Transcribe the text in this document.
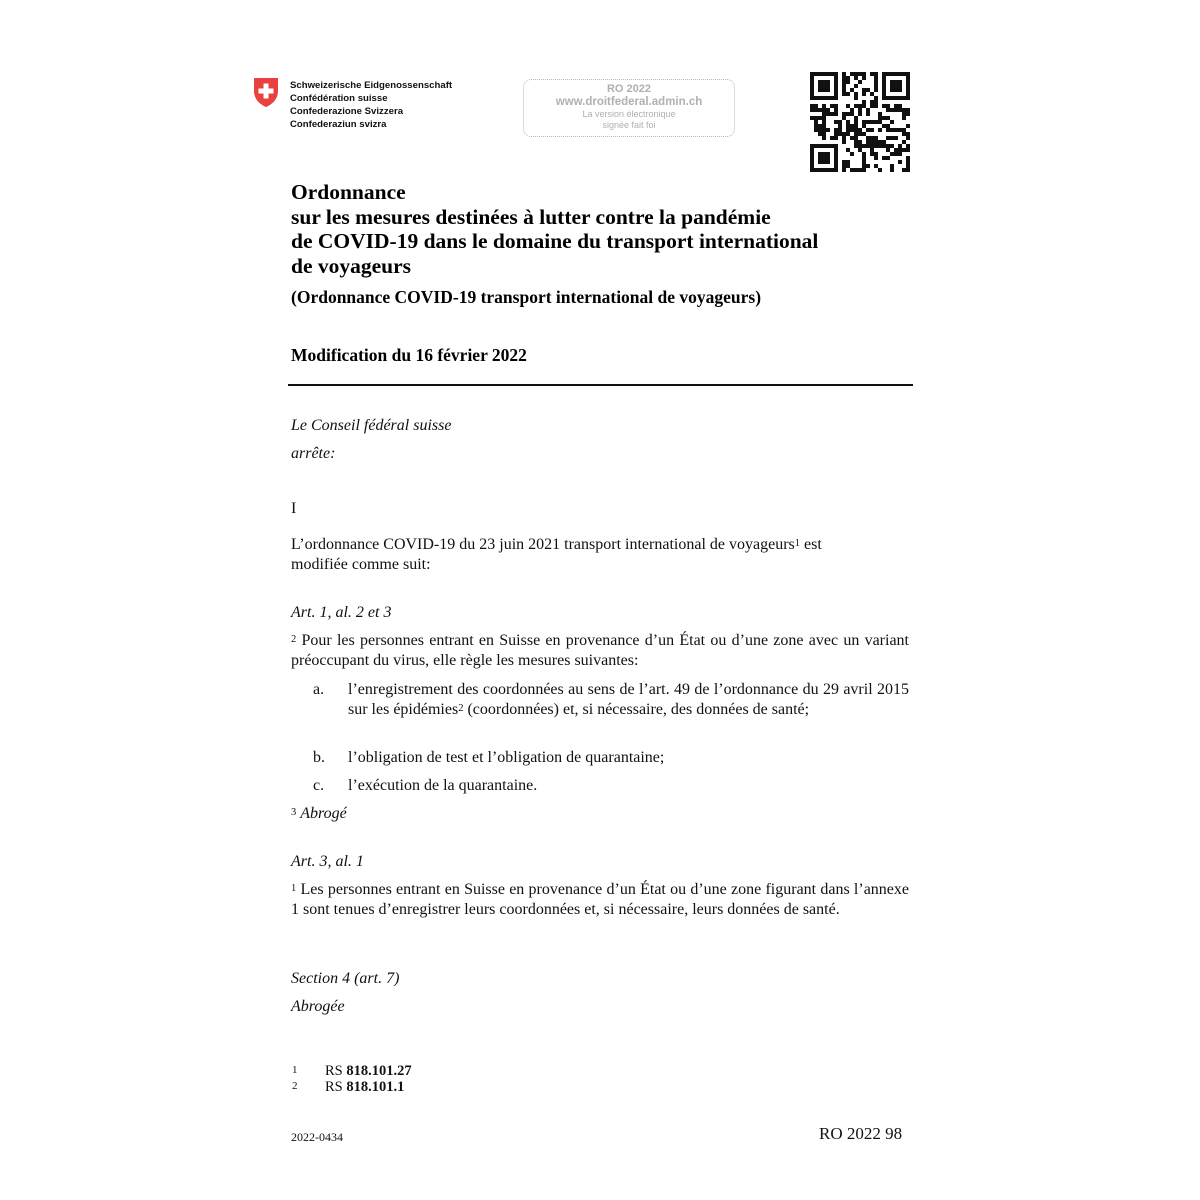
Schweizerische Eidgenossenschaft
Confédération suisse
Confederazione Svizzera
Confederaziun svizra
RO 2022
www.droitfederal.admin.ch
La version électronique
signée fait foi
Ordonnance
sur les mesures destinées à lutter contre la pandémie
de COVID-19 dans le domaine du transport international
de voyageurs
(Ordonnance COVID-19 transport international de voyageurs)
Modification du 16 février 2022
Le Conseil fédéral suisse
arrête:
I
L’ordonnance COVID-19 du 23 juin 2021 transport international de voyageurs$^1$ est
modifiée comme suit:
Art. 1, al. 2 et 3
$^2$ Pour les personnes entrant en Suisse en provenance d’un État ou d’une zone avec un variant préoccupant du virus, elle règle les mesures suivantes:
a. l’enregistrement des coordonnées au sens de l’art. 49 de l’ordonnance du 29 avril 2015 sur les épidémies$^2$ (coordonnées) et, si nécessaire, des données de santé;
b. l’obligation de test et l’obligation de quarantaine;
c. l’exécution de la quarantaine.
$^3$ Abrogé
Art. 3, al. 1
$^1$ Les personnes entrant en Suisse en provenance d’un État ou d’une zone figurant dans l’annexe 1 sont tenues d’enregistrer leurs coordonnées et, si nécessaire, leurs données de santé.
Section 4 (art. 7)
Abrogée
1 RS 818.101.27
2 RS 818.101.1
2022-0434	RO 2022 98
